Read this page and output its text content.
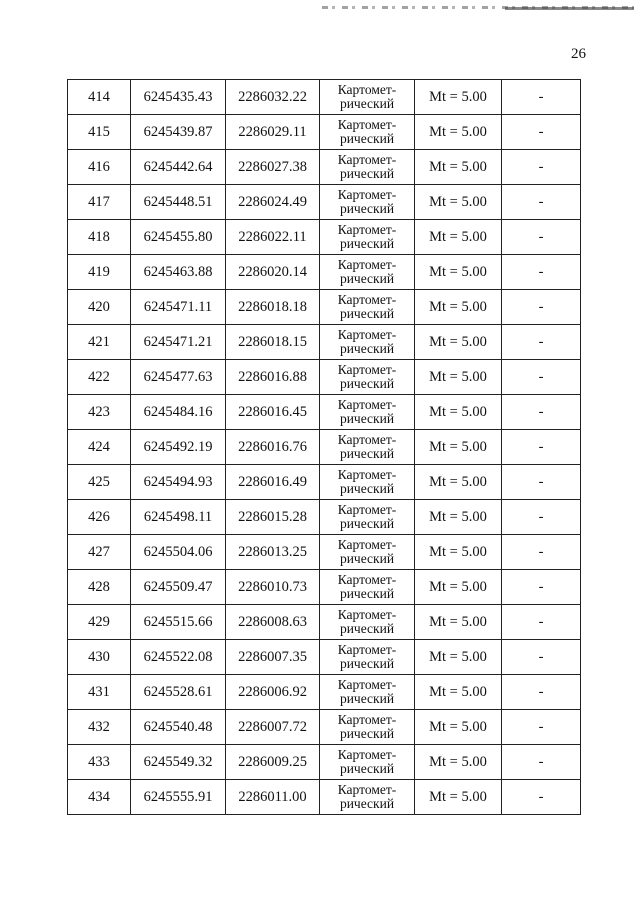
26
414	6245435.43	2286032.22	Картомет-
рический	Mt = 5.00	-
415	6245439.87	2286029.11	Картомет-
рический	Mt = 5.00	-
416	6245442.64	2286027.38	Картомет-
рический	Mt = 5.00	-
417	6245448.51	2286024.49	Картомет-
рический	Mt = 5.00	-
418	6245455.80	2286022.11	Картомет-
рический	Mt = 5.00	-
419	6245463.88	2286020.14	Картомет-
рический	Mt = 5.00	-
420	6245471.11	2286018.18	Картомет-
рический	Mt = 5.00	-
421	6245471.21	2286018.15	Картомет-
рический	Mt = 5.00	-
422	6245477.63	2286016.88	Картомет-
рический	Mt = 5.00	-
423	6245484.16	2286016.45	Картомет-
рический	Mt = 5.00	-
424	6245492.19	2286016.76	Картомет-
рический	Mt = 5.00	-
425	6245494.93	2286016.49	Картомет-
рический	Mt = 5.00	-
426	6245498.11	2286015.28	Картомет-
рический	Mt = 5.00	-
427	6245504.06	2286013.25	Картомет-
рический	Mt = 5.00	-
428	6245509.47	2286010.73	Картомет-
рический	Mt = 5.00	-
429	6245515.66	2286008.63	Картомет-
рический	Mt = 5.00	-
430	6245522.08	2286007.35	Картомет-
рический	Mt = 5.00	-
431	6245528.61	2286006.92	Картомет-
рический	Mt = 5.00	-
432	6245540.48	2286007.72	Картомет-
рический	Mt = 5.00	-
433	6245549.32	2286009.25	Картомет-
рический	Mt = 5.00	-
434	6245555.91	2286011.00	Картомет-
рический	Mt = 5.00	-
